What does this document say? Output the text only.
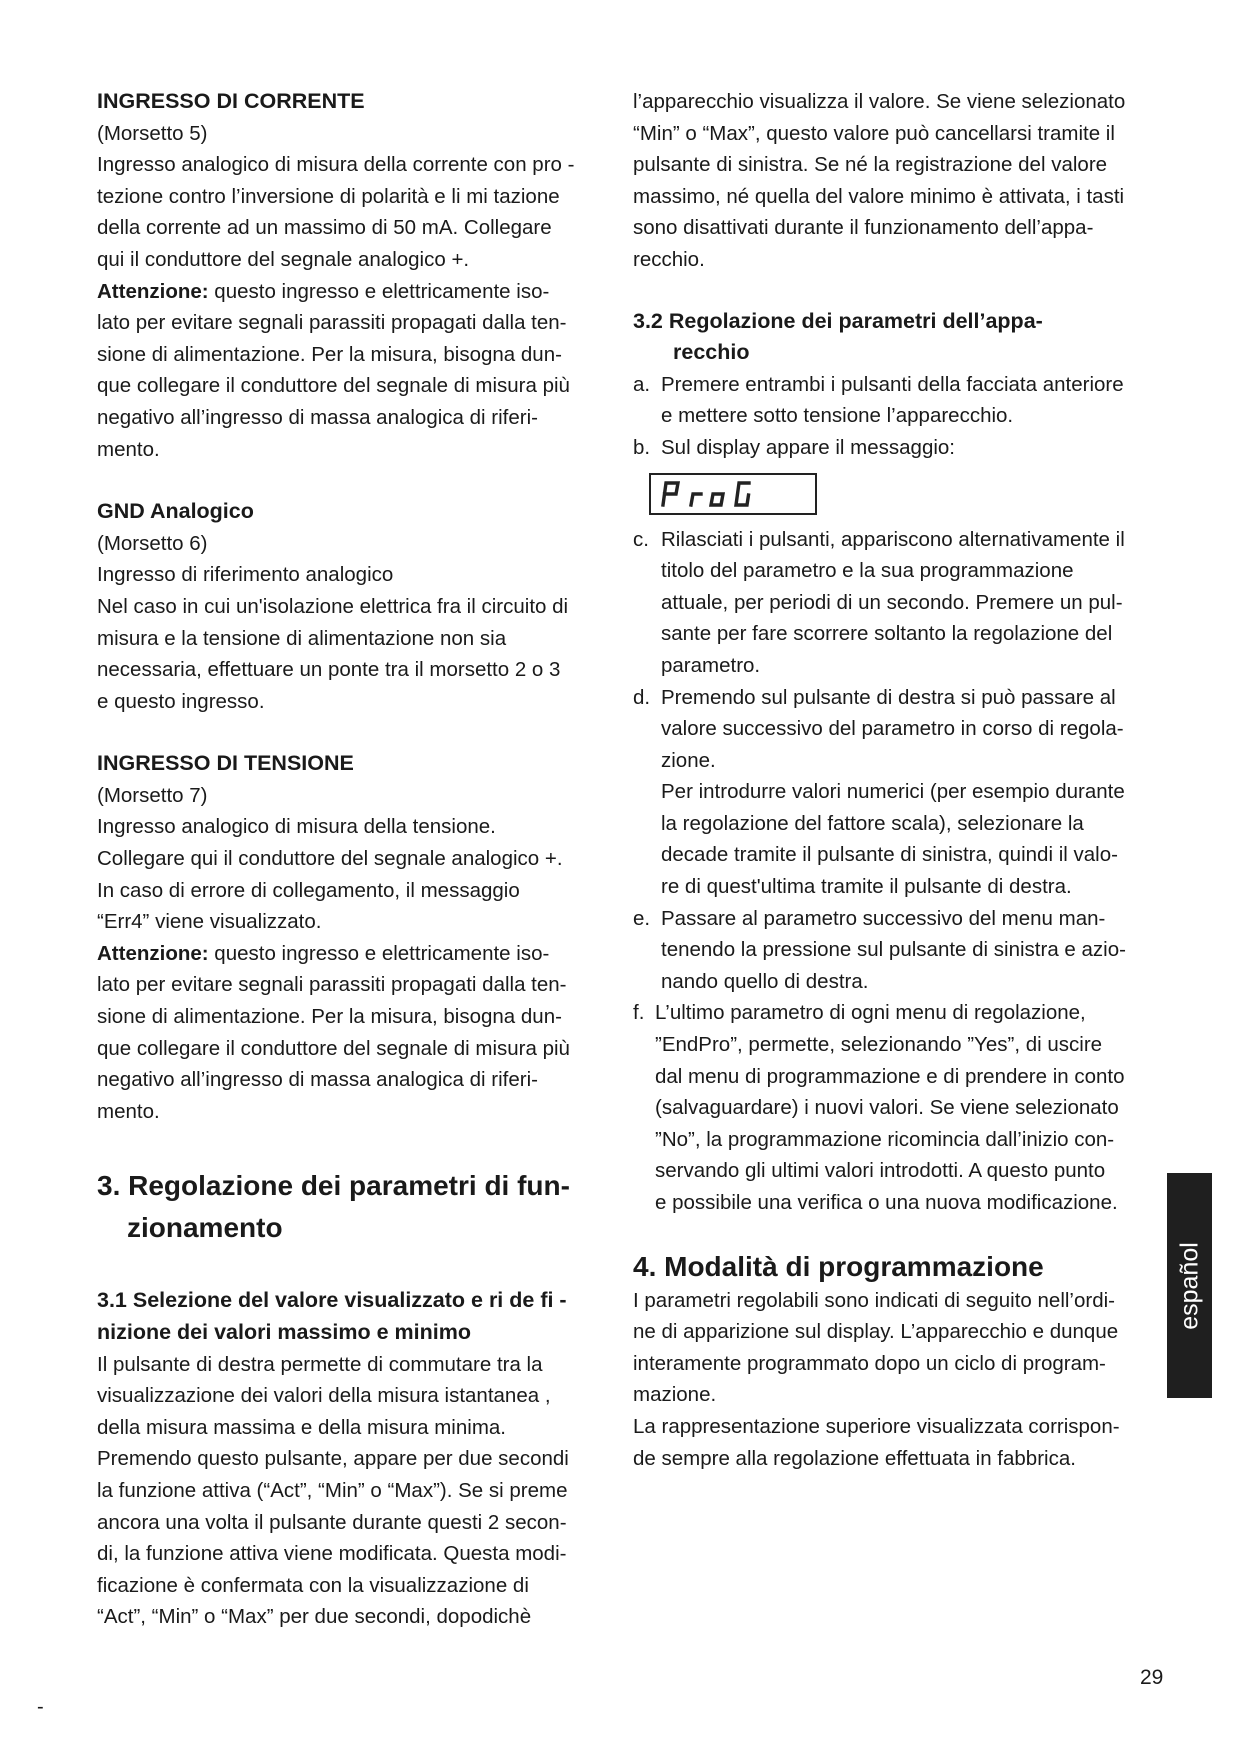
INGRESSO DI CORRENTE

(Morsetto 5)

Ingresso analogico di misura della corrente con pro -

tezione contro l’inversione di polarità e li mi tazione

della corrente ad un massimo di 50 mA. Collegare

qui il conduttore del segnale analogico +.

Attenzione: questo ingresso e elettricamente iso-

lato per evitare segnali parassiti propagati dalla ten-

sione di alimentazione. Per la misura, bisogna dun-

que collegare il conduttore del segnale di misura più

negativo all’ingresso di massa analogica di riferi-

mento.

GND Analogico

(Morsetto 6)

Ingresso di riferimento analogico

Nel caso in cui un'isolazione elettrica fra il circuito di

misura e la tensione di alimentazione non sia

necessaria, effettuare un ponte tra il morsetto 2 o 3

e questo ingresso.

INGRESSO DI TENSIONE

(Morsetto 7)

Ingresso analogico di misura della tensione.

Collegare qui il conduttore del segnale analogico +.

In caso di errore di collegamento, il messaggio

“Err4” viene visualizzato.

Attenzione: questo ingresso e elettricamente iso-

lato per evitare segnali parassiti propagati dalla ten-

sione di alimentazione. Per la misura, bisogna dun-

que collegare il conduttore del segnale di misura più

negativo all’ingresso di massa analogica di riferi-

mento.

3. Regolazione dei parametri di fun-
zionamento
3.1 Selezione del valore visualizzato e ri de fi -
nizione dei valori massimo e minimo

Il pulsante di destra permette di commutare tra la

visualizzazione dei valori della misura istantanea ,

della misura massima e della misura minima.

Premendo questo pulsante, appare per due secondi

la funzione attiva (“Act”, “Min” o “Max”). Se si preme

ancora una volta il pulsante durante questi 2 secon-

di, la funzione attiva viene modificata. Questa modi-

ficazione è confermata con la visualizzazione di

“Act”, “Min” o “Max” per due secondi, dopodichè

l’apparecchio visualizza il valore. Se viene selezionato

“Min” o “Max”, questo valore può cancellarsi tramite il

pulsante di sinistra. Se né la registrazione del valore

massimo, né quella del valore minimo è attivata, i tasti

sono disattivati durante il funzionamento dell’appa-

recchio.

3.2 Regolazione dei parametri dell’appa-
recchio
a. Premere entrambi i pulsanti della facciata anteriore
e mettere sotto tensione l’apparecchio.
b. Sul display appare il messaggio:
c. Rilasciati i pulsanti, appariscono alternativamente il
titolo del parametro e la sua programmazione
attuale, per periodi di un secondo. Premere un pul-
sante per fare scorrere soltanto la regolazione del
parametro.
d. Premendo sul pulsante di destra si può passare al
valore successivo del parametro in corso di regola-
zione.
Per introdurre valori numerici (per esempio durante
la regolazione del fattore scala), selezionare la
decade tramite il pulsante di sinistra, quindi il valo-
re di quest'ultima tramite il pulsante di destra.
e. Passare al parametro successivo del menu man-
tenendo la pressione sul pulsante di sinistra e azio-
nando quello di destra.
f. L’ultimo parametro di ogni menu di regolazione,
”EndPro”, permette, selezionando ”Yes”, di uscire
dal menu di programmazione e di prendere in conto
(salvaguardare) i nuovi valori. Se viene selezionato
”No”, la programmazione ricomincia dall’inizio con-
servando gli ultimi valori introdotti. A questo punto
e possibile una verifica o una nuova modificazione.
4. Modalità di programmazione

I parametri regolabili sono indicati di seguito nell’ordi-

ne di apparizione sul display. L’apparecchio e dunque

interamente programmato dopo un ciclo di program-

mazione.

La rappresentazione superiore visualizzata corrispon-

de sempre alla regolazione effettuata in fabbrica.

español
29
-
